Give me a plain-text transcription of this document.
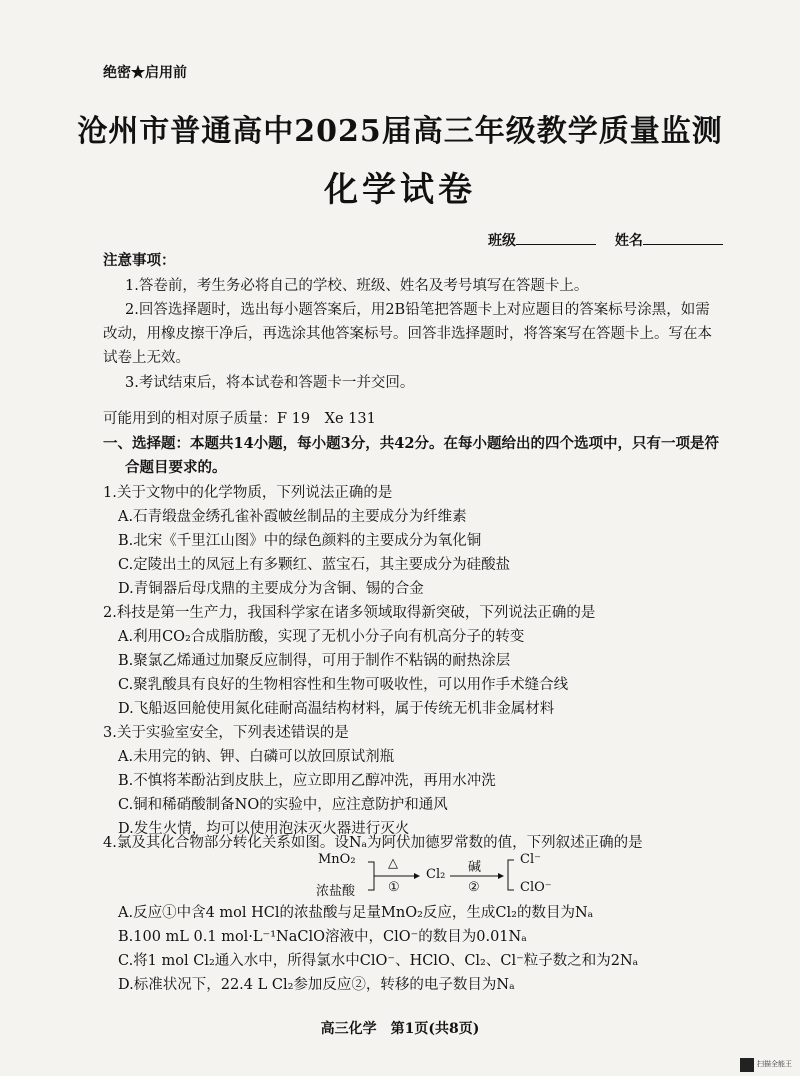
绝密★启用前
沧州市普通高中2025届高三年级教学质量监测
化学试卷
班级	姓名
注意事项：
1.答卷前，考生务必将自己的学校、班级、姓名及考号填写在答题卡上。
2.回答选择题时，选出每小题答案后，用2B铅笔把答题卡上对应题目的答案标号涂黑，如需
改动，用橡皮擦干净后，再选涂其他答案标号。回答非选择题时，将答案写在答题卡上。写在本
试卷上无效。
3.考试结束后，将本试卷和答题卡一并交回。
可能用到的相对原子质量：F 19　Xe 131
一、选择题：本题共14小题，每小题3分，共42分。在每小题给出的四个选项中，只有一项是符
合题目要求的。
1.关于文物中的化学物质，下列说法正确的是
A.石青缎盘金绣孔雀补霞帔丝制品的主要成分为纤维素
B.北宋《千里江山图》中的绿色颜料的主要成分为氧化铜
C.定陵出土的凤冠上有多颗红、蓝宝石，其主要成分为硅酸盐
D.青铜器后母戊鼎的主要成分为含铜、锡的合金
2.科技是第一生产力，我国科学家在诸多领域取得新突破，下列说法正确的是
A.利用CO₂合成脂肪酸，实现了无机小分子向有机高分子的转变
B.聚氯乙烯通过加聚反应制得，可用于制作不粘锅的耐热涂层
C.聚乳酸具有良好的生物相容性和生物可吸收性，可以用作手术缝合线
D.飞船返回舱使用氮化硅耐高温结构材料，属于传统无机非金属材料
3.关于实验室安全，下列表述错误的是
A.未用完的钠、钾、白磷可以放回原试剂瓶
B.不慎将苯酚沾到皮肤上，应立即用乙醇冲洗，再用水冲洗
C.铜和稀硝酸制备NO的实验中，应注意防护和通风
D.发生火情，均可以使用泡沫灭火器进行灭火
4.氯及其化合物部分转化关系如图。设Nₐ为阿伏加德罗常数的值，下列叙述正确的是
MnO₂
浓盐酸
△
①
Cl₂ 碱
②
Cl⁻
ClO⁻
A.反应①中含4 mol HCl的浓盐酸与足量MnO₂反应，生成Cl₂的数目为Nₐ
B.100 mL 0.1 mol·L⁻¹NaClO溶液中，ClO⁻的数目为0.01Nₐ
C.将1 mol Cl₂通入水中，所得氯水中ClO⁻、HClO、Cl₂、Cl⁻粒子数之和为2Nₐ
D.标准状况下，22.4 L Cl₂参加反应②，转移的电子数目为Nₐ
高三化学　第1页(共8页)
扫描全能王
